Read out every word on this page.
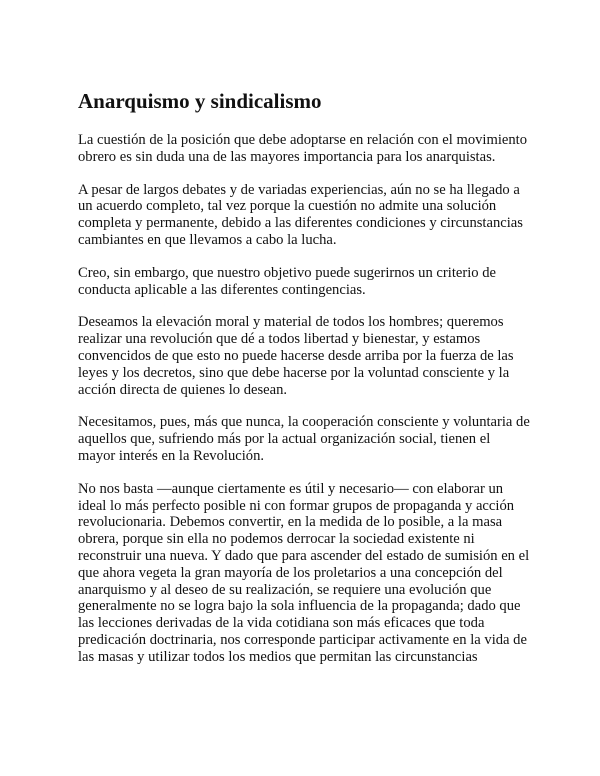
Anarquismo y sindicalismo

La cuestión de la posición que debe adoptarse en relación con el movimiento obrero es sin duda una de las mayores importancia para los anarquistas.

A pesar de largos debates y de variadas experiencias, aún no se ha llegado a un acuerdo completo, tal vez porque la cuestión no admite una solución completa y permanente, debido a las diferentes condiciones y circunstancias cambiantes en que llevamos a cabo la lucha.

Creo, sin embargo, que nuestro objetivo puede sugerirnos un criterio de conducta aplicable a las diferentes contingencias.

Deseamos la elevación moral y material de todos los hombres; queremos realizar una revolución que dé a todos libertad y bienestar, y estamos convencidos de que esto no puede hacerse desde arriba por la fuerza de las leyes y los decretos, sino que debe hacerse por la voluntad consciente y la acción directa de quienes lo desean.

Necesitamos, pues, más que nunca, la cooperación consciente y voluntaria de aquellos que, sufriendo más por la actual organización social, tienen el mayor interés en la Revolución.

No nos basta —aunque ciertamente es útil y necesario— con elaborar un ideal lo más perfecto posible ni con formar grupos de propaganda y acción revolucionaria. Debemos convertir, en la medida de lo posible, a la masa obrera, porque sin ella no podemos derrocar la sociedad existente ni reconstruir una nueva. Y dado que para ascender del estado de sumisión en el que ahora vegeta la gran mayoría de los proletarios a una concepción del anarquismo y al deseo de su realización, se requiere una evolución que generalmente no se logra bajo la sola influencia de la propaganda; dado que las lecciones derivadas de la vida cotidiana son más eficaces que toda predicación doctrinaria, nos corresponde participar activamente en la vida de las masas y utilizar todos los medios que permitan las circunstancias
